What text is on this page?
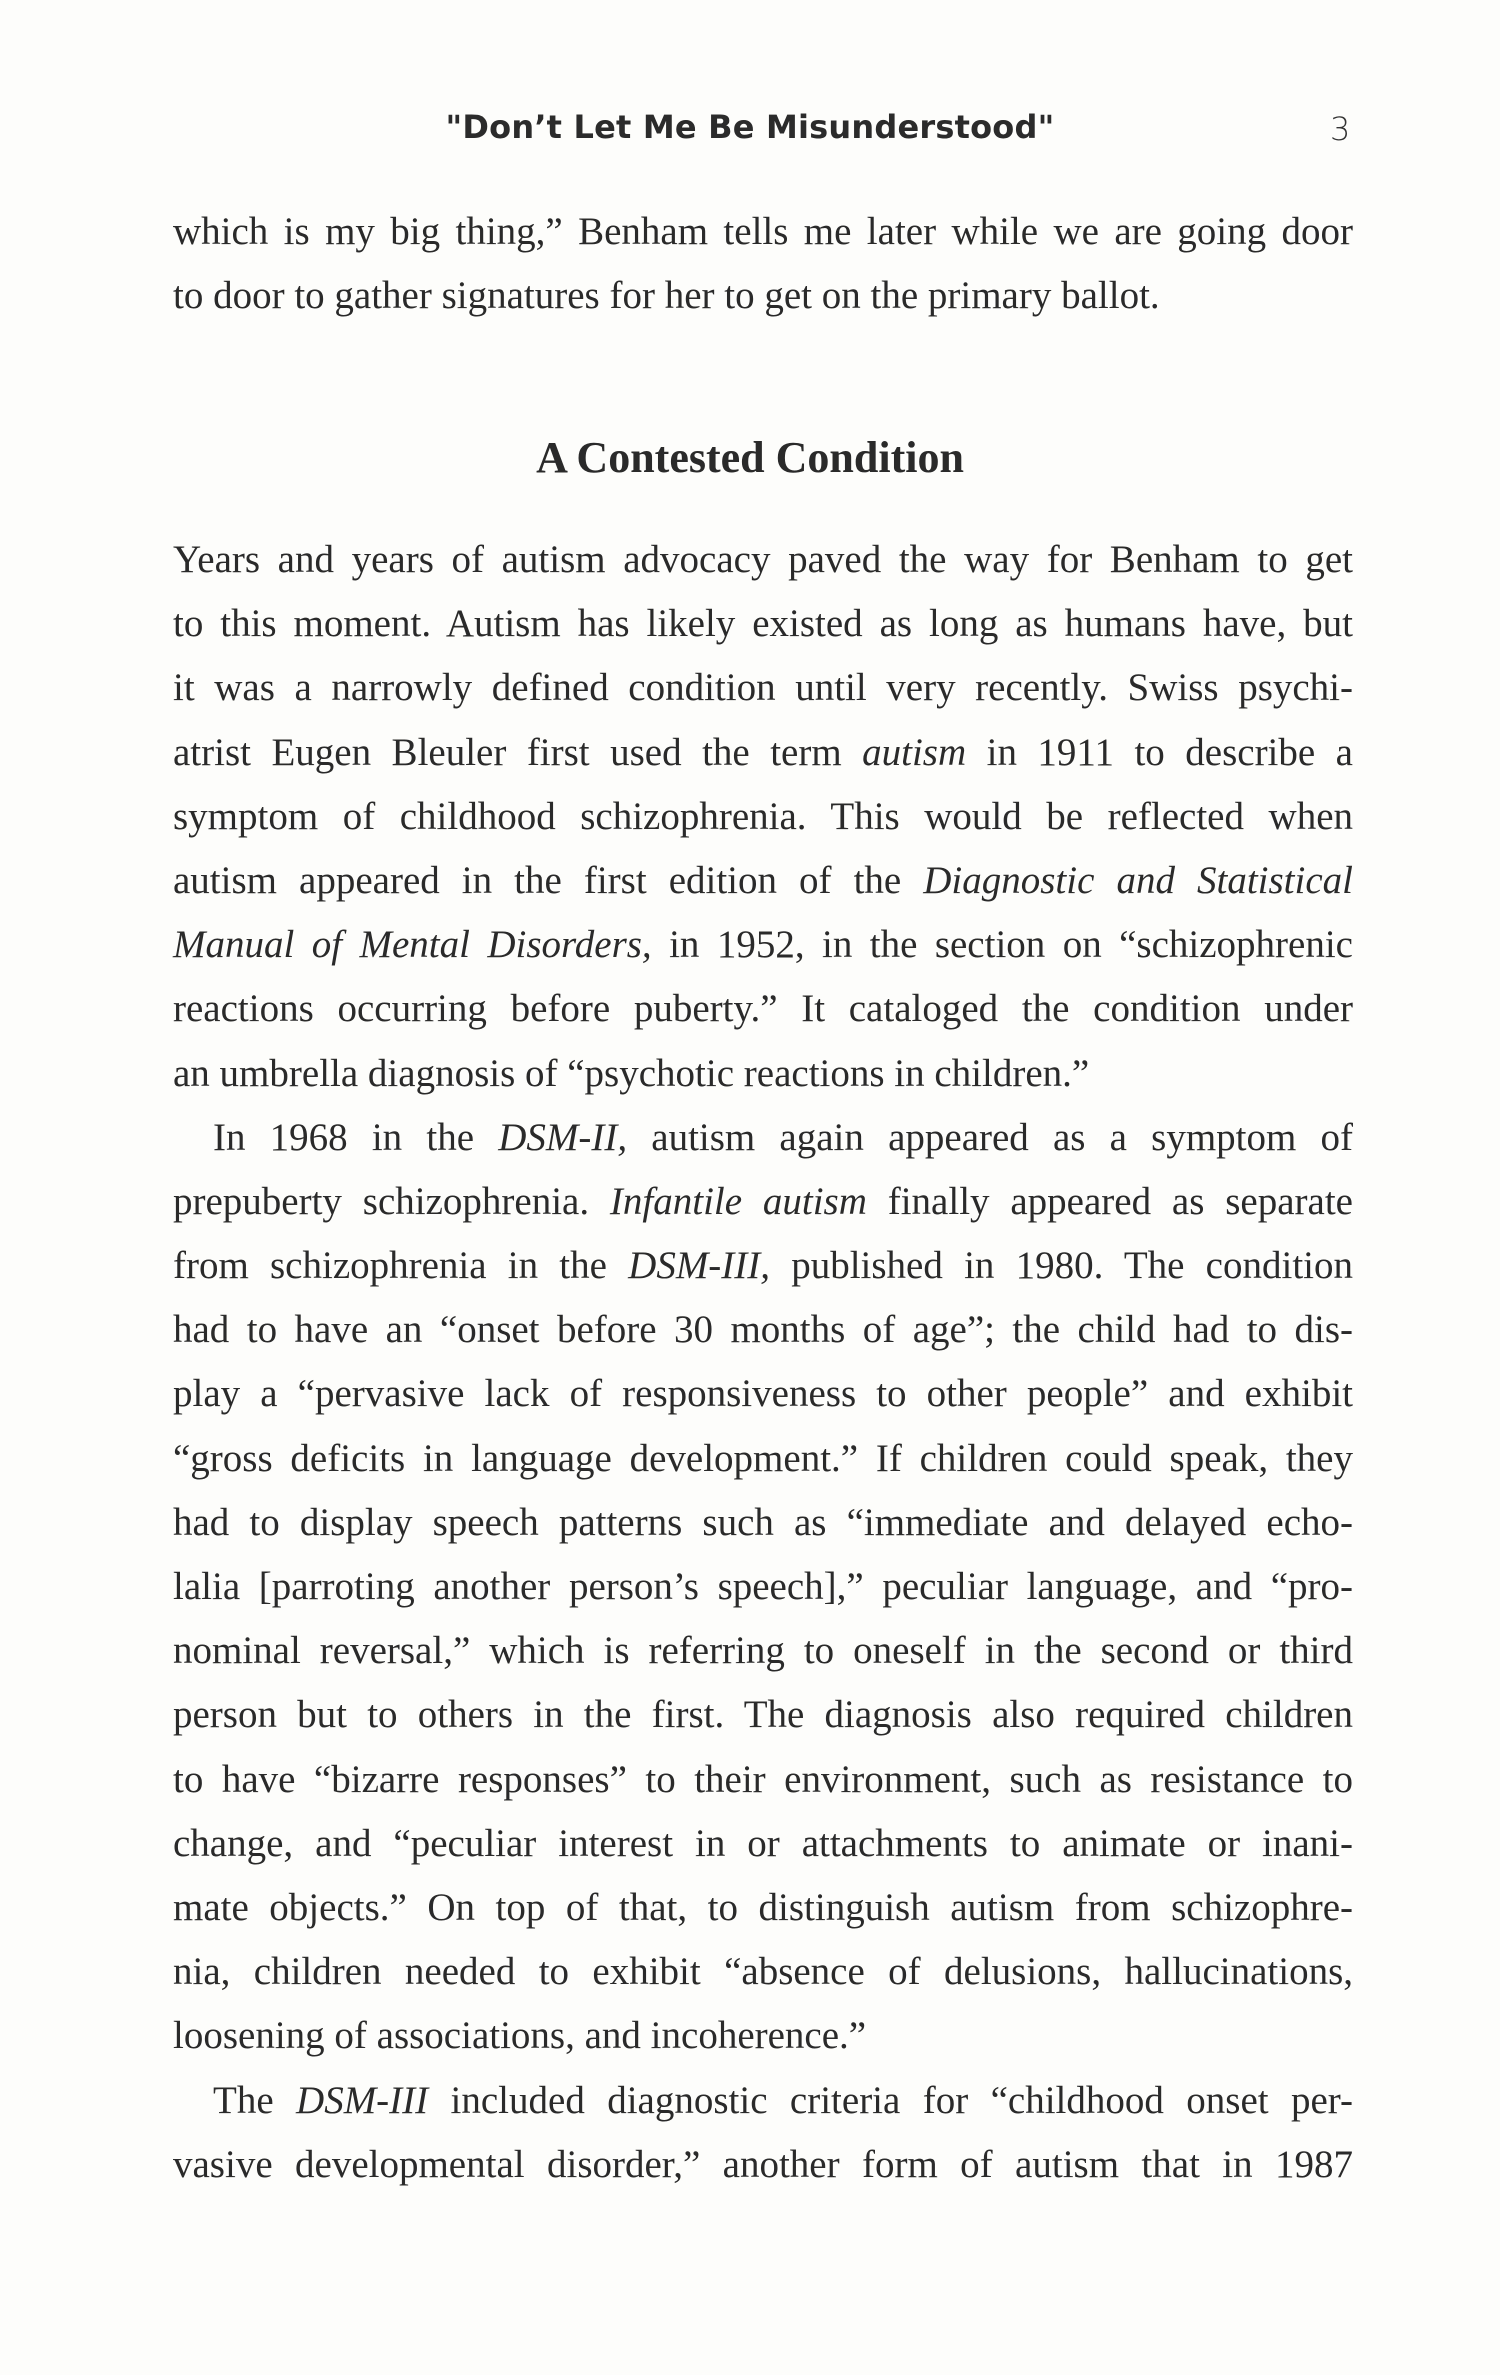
"Don’t Let Me Be Misunderstood"	3
which is my big thing,” Benham tells me later while we are going door
to door to gather signatures for her to get on the primary ballot.
A Contested Condition
Years and years of autism advocacy paved the way for Benham to get
to this moment. Autism has likely existed as long as humans have, but
it was a narrowly defined condition until very recently. Swiss psychi-
atrist Eugen Bleuler first used the term autism in 1911 to describe a
symptom of childhood schizophrenia. This would be reflected when
autism appeared in the first edition of the Diagnostic and Statistical
Manual of Mental Disorders, in 1952, in the section on “schizophrenic
reactions occurring before puberty.” It cataloged the condition under
an umbrella diagnosis of “psychotic reactions in children.”
In 1968 in the DSM-II, autism again appeared as a symptom of
prepuberty schizophrenia. Infantile autism finally appeared as separate
from schizophrenia in the DSM-III, published in 1980. The condition
had to have an “onset before 30 months of age”; the child had to dis-
play a “pervasive lack of responsiveness to other people” and exhibit
“gross deficits in language development.” If children could speak, they
had to display speech patterns such as “immediate and delayed echo-
lalia [parroting another person’s speech],” peculiar language, and “pro-
nominal reversal,” which is referring to oneself in the second or third
person but to others in the first. The diagnosis also required children
to have “bizarre responses” to their environment, such as resistance to
change, and “peculiar interest in or attachments to animate or inani-
mate objects.” On top of that, to distinguish autism from schizophre-
nia, children needed to exhibit “absence of delusions, hallucinations,
loosening of associations, and incoherence.”
The DSM-III included diagnostic criteria for “childhood onset per-
vasive developmental disorder,” another form of autism that in 1987
